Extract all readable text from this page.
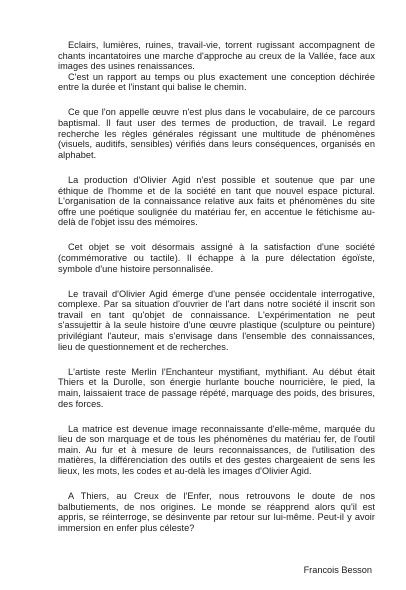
Eclairs, lumières, ruines, travail-vie, torrent rugissant accompagnent de chants incantatoires une marche d'approche au creux de la Vallée, face aux images des usines renaissances.
C'est un rapport au temps ou plus exactement une conception déchirée entre la durée et l'instant qui balise le chemin.

Ce que l'on appelle œuvre n'est plus dans le vocabulaire, de ce parcours baptismal. Il faut user des termes de production, de travail. Le regard recherche les règles générales régissant une multitude de phénomènes (visuels, auditifs, sensibles) vérifiés dans leurs conséquences, organisés en alphabet.

La production d'Olivier Agid n'est possible et soutenue que par une éthique de l'homme et de la société en tant que nouvel espace pictural. L'organisation de la connaissance relative aux faits et phénomènes du site offre une poétique soulignée du matériau fer, en accentue le fétichisme au-delà de l'objet issu des mémoires.

Cet objet se voit désormais assigné à la satisfaction d'une société (commémorative ou tactile). Il échappe à la pure délectation égoïste, symbole d'une histoire personnalisée.

Le travail d'Olivier Agid émerge d'une pensée occidentale interrogative, complexe. Par sa situation d'ouvrier de l'art dans notre société il inscrit son travail en tant qu'objet de connaissance. L'expérimentation ne peut s'assujettir à la seule histoire d'une œuvre plastique (sculpture ou peinture) privilégiant l'auteur, mais s'envisage dans l'ensemble des connaissances, lieu de questionnement et de recherches.

L'artiste reste Merlin l'Enchanteur mystifiant, mythifiant. Au début était Thiers et la Durolle, son énergie hurlante bouche nourricière, le pied, la main, laissaient trace de passage répété, marquage des poids, des brisures, des forces.

La matrice est devenue image reconnaissante d'elle-même, marquée du lieu de son marquage et de tous les phénomènes du matériau fer, de l'outil main. Au fur et à mesure de leurs reconnaissances, de l'utilisation des matières, la différenciation des outils et des gestes chargeaient de sens les lieux, les mots, les codes et au-delà les images d'Olivier Agid.

A Thiers, au Creux de l'Enfer, nous retrouvons le doute de nos balbutiements, de nos origines. Le monde se réapprend alors qu'il est appris, se réinterroge, se désinvente par retour sur lui-même. Peut-il y avoir immersion en enfer plus céleste?

Francois Besson
